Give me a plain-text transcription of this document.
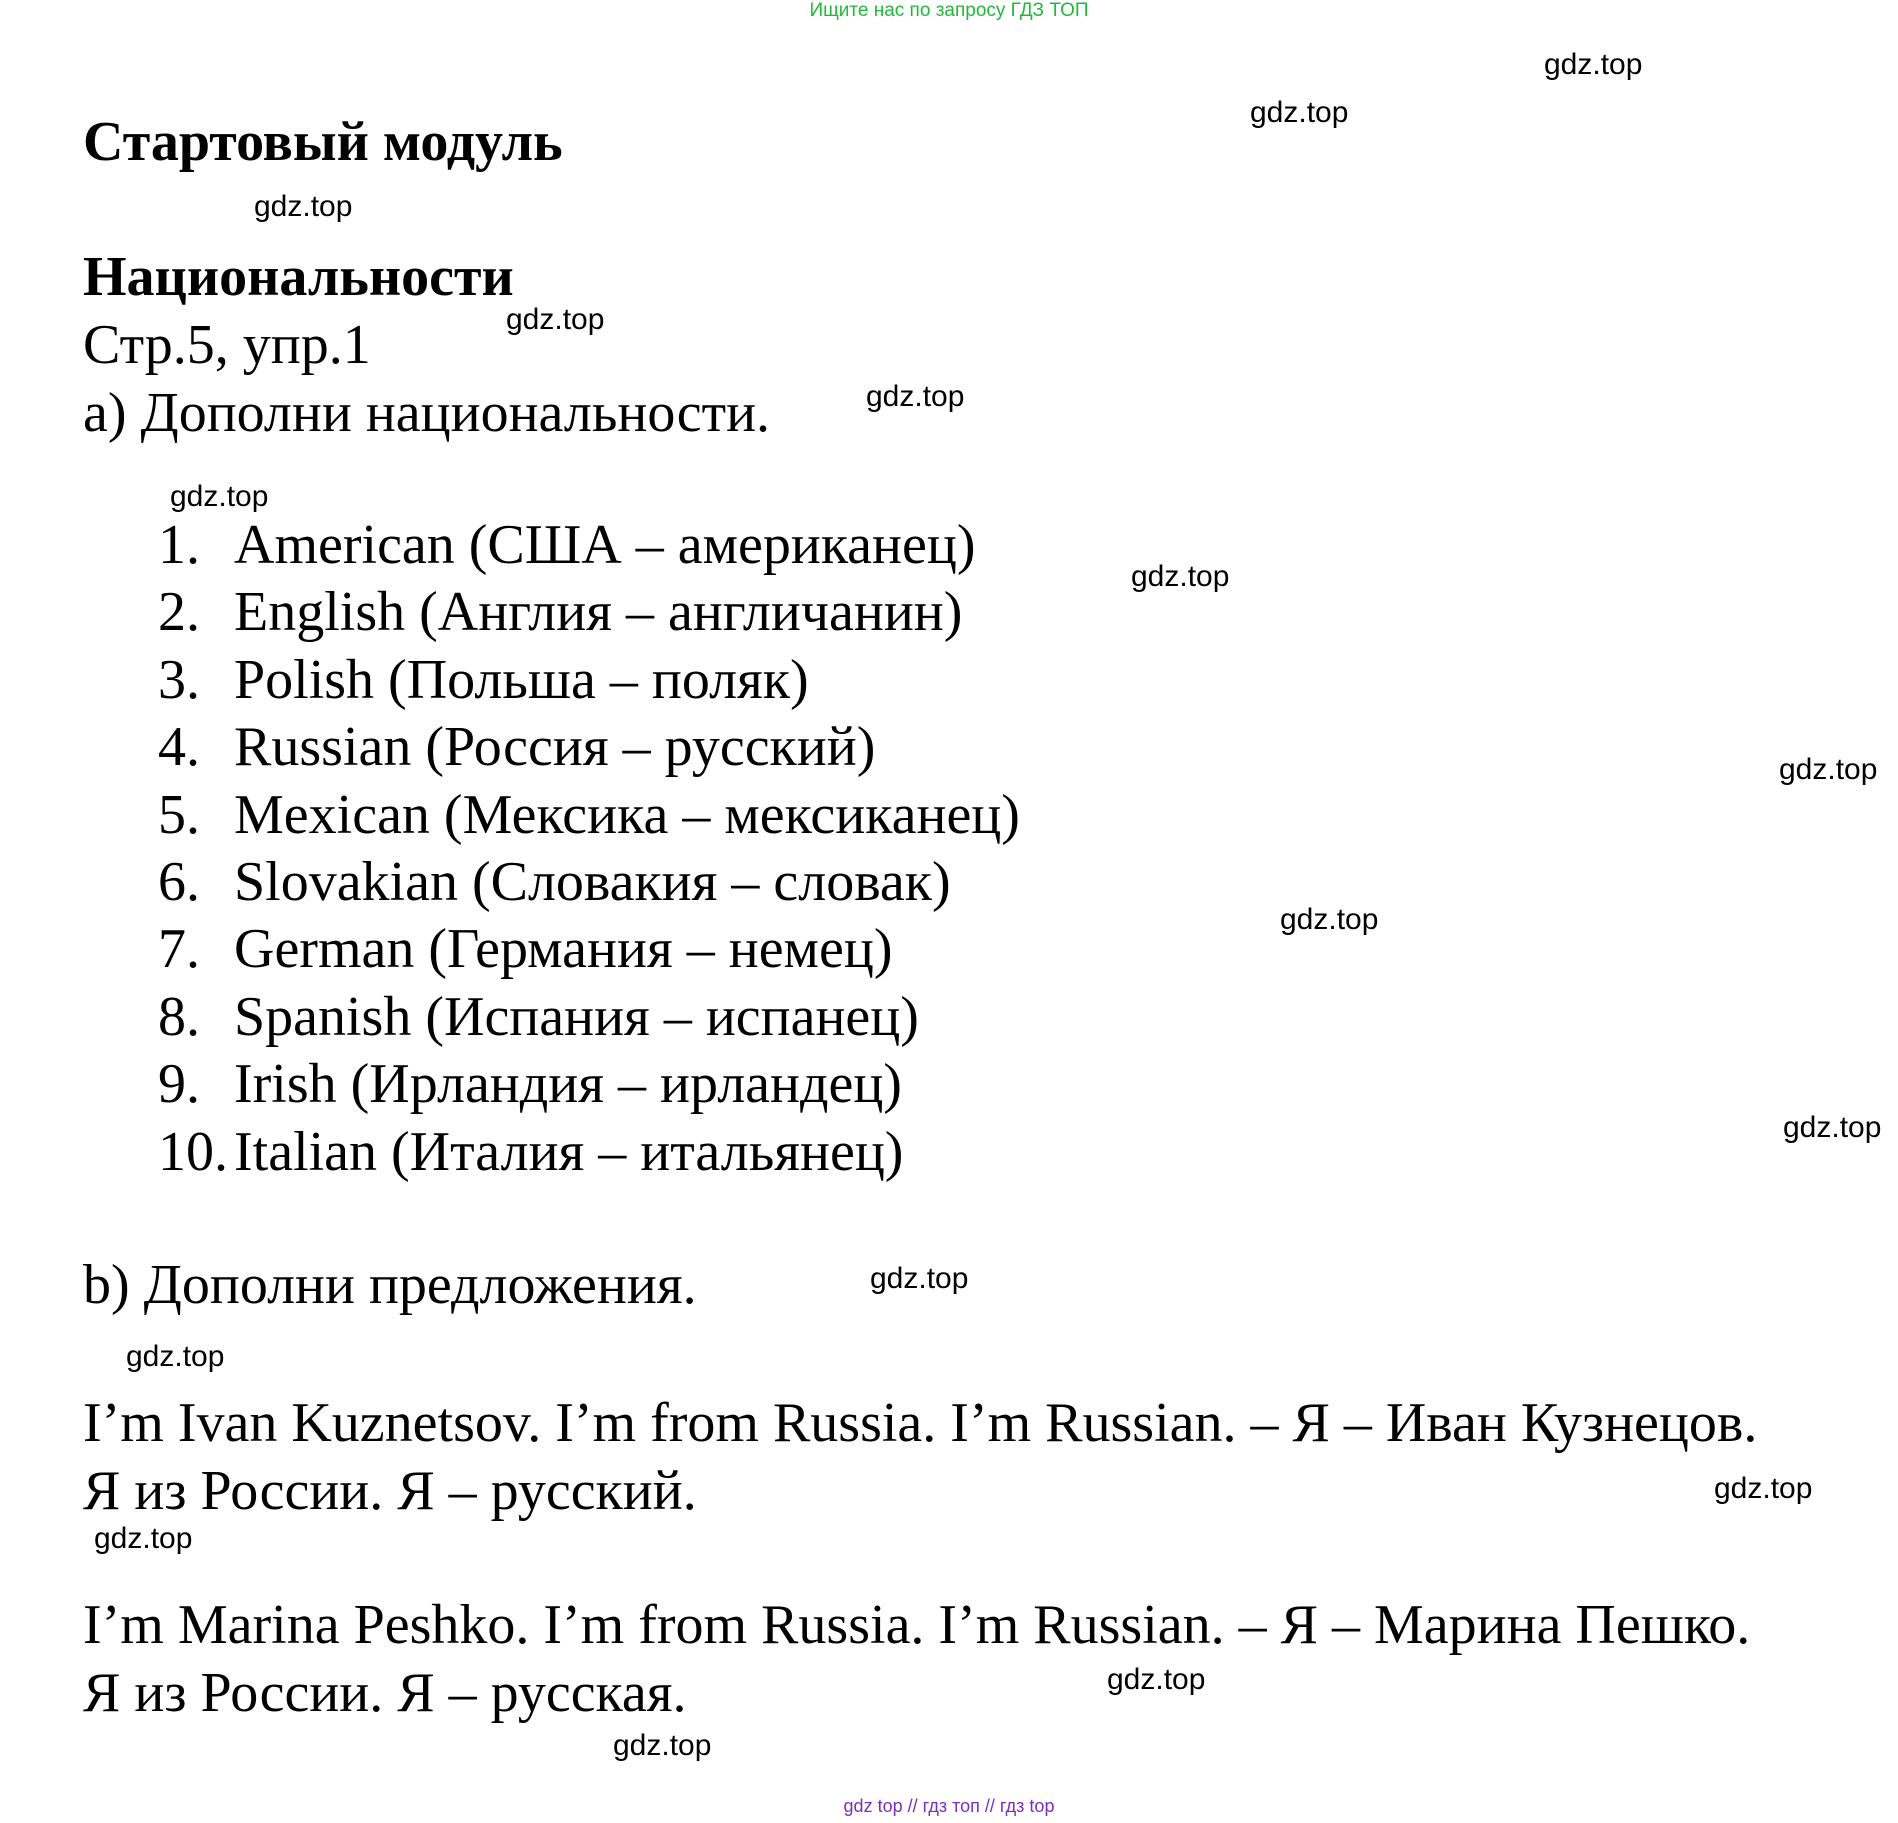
Ищите нас по запросу ГДЗ ТОП
Стартовый модуль
Национальности
Стр.5, упр.1
a) Дополни национальности.
1. American (США – американец)
2. English (Англия – англичанин)
3. Polish (Польша – поляк)
4. Russian (Россия – русский)
5. Mexican (Мексика – мексиканец)
6. Slovakian (Словакия – словак)
7. German (Германия – немец)
8. Spanish (Испания – испанец)
9. Irish (Ирландия – ирландец)
10. Italian (Италия – итальянец)
b) Дополни предложения.
I’m Ivan Kuznetsov. I’m from Russia. I’m Russian. – Я – Иван Кузнецов.
Я из России. Я – русский.
I’m Marina Peshko. I’m from Russia. I’m Russian. – Я – Марина Пешко.
Я из России. Я – русская.
gdz.top
gdz.top
gdz.top
gdz.top
gdz.top
gdz.top
gdz.top
gdz.top
gdz.top
gdz.top
gdz.top
gdz.top
gdz.top
gdz.top
gdz.top
gdz.top
gdz top // гдз топ // гдз top
